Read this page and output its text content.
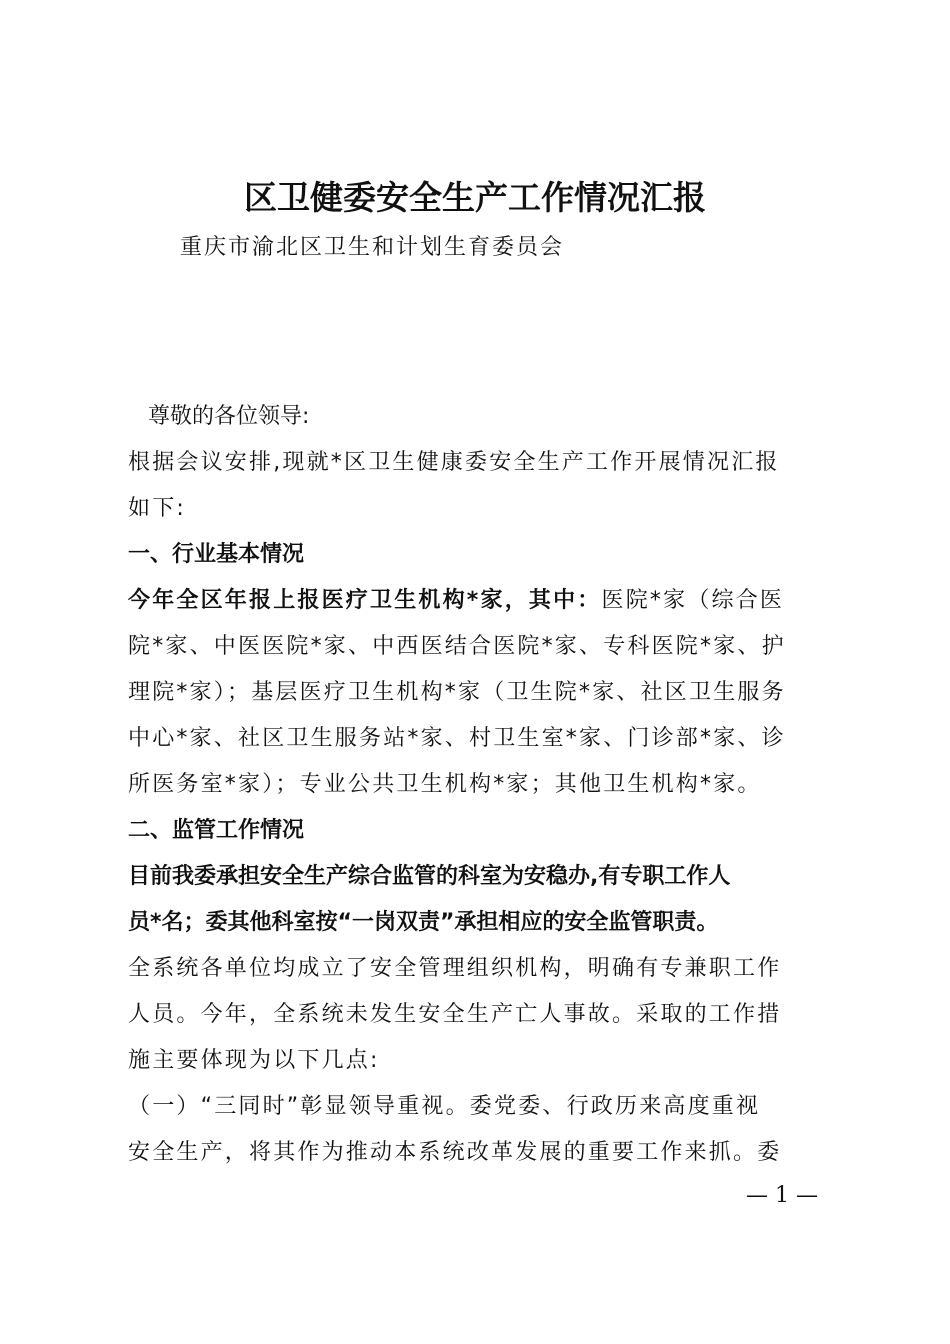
区卫健委安全生产工作情况汇报

重庆市渝北区卫生和计划生育委员会

尊敬的各位领导:
根据会议安排,现就*区卫生健康委安全生产工作开展情况汇报
如下:
一、行业基本情况
今年全区年报上报医疗卫生机构*家，其中：医院*家（综合医
院*家、中医医院*家、中西医结合医院*家、专科医院*家、护
理院*家）；基层医疗卫生机构*家（卫生院*家、社区卫生服务
中心*家、社区卫生服务站*家、村卫生室*家、门诊部*家、诊
所医务室*家）；专业公共卫生机构*家；其他卫生机构*家。
二、监管工作情况
目前我委承担安全生产综合监管的科室为安稳办,有专职工作人
员*名；委其他科室按“一岗双责”承担相应的安全监管职责。
全系统各单位均成立了安全管理组织机构，明确有专兼职工作
人员。今年，全系统未发生安全生产亡人事故。采取的工作措
施主要体现为以下几点:
（一）“三同时”彰显领导重视。委党委、行政历来高度重视
安全生产，将其作为推动本系统改革发展的重要工作来抓。委

— 1 —
